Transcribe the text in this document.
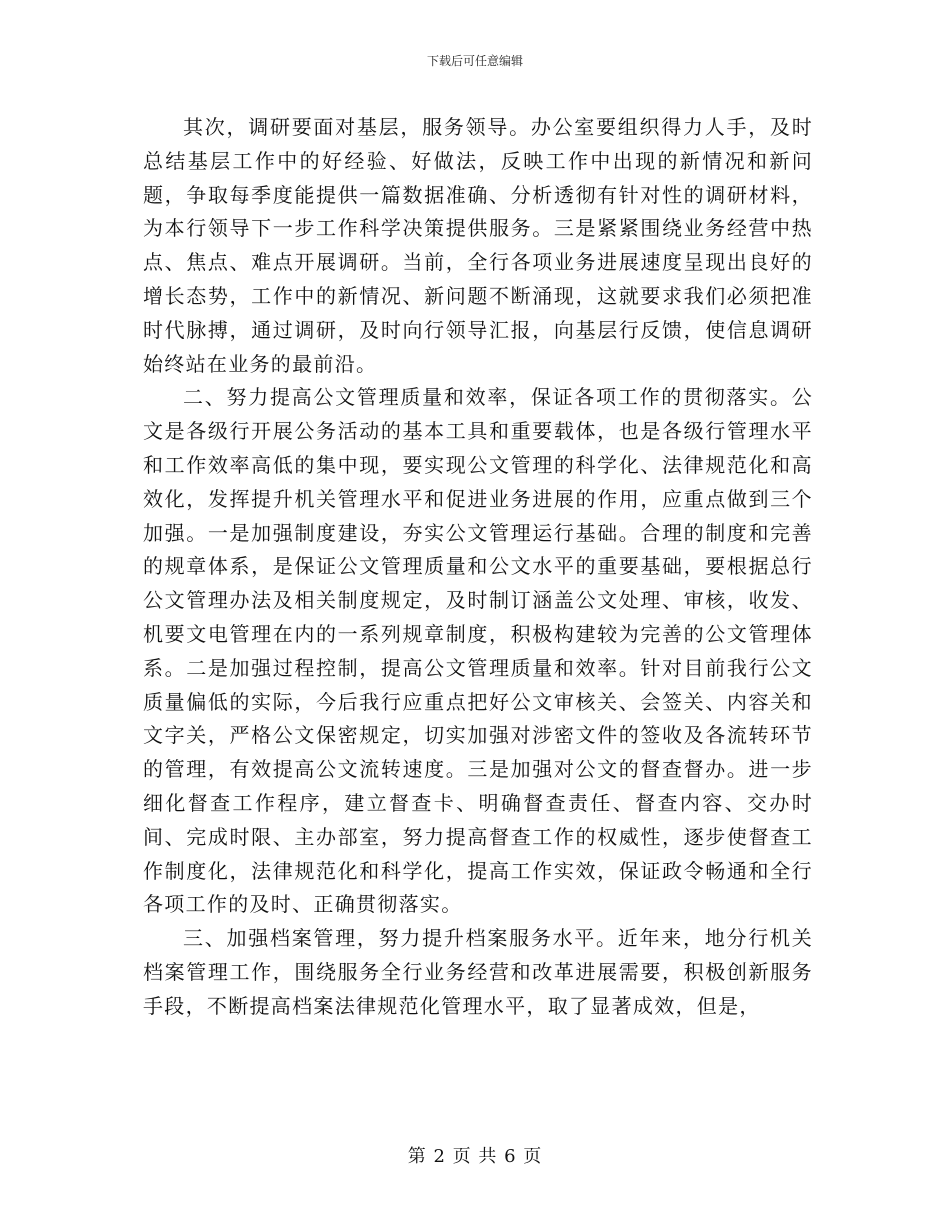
下载后可任意编辑

其次，调研要面对基层，服务领导。办公室要组织得力人手，及时总结基层工作中的好经验、好做法，反映工作中出现的新情况和新问题，争取每季度能提供一篇数据准确、分析透彻有针对性的调研材料，为本行领导下一步工作科学决策提供服务。三是紧紧围绕业务经营中热点、焦点、难点开展调研。当前，全行各项业务进展速度呈现出良好的增长态势，工作中的新情况、新问题不断涌现，这就要求我们必须把准时代脉搏，通过调研，及时向行领导汇报，向基层行反馈，使信息调研始终站在业务的最前沿。

二、努力提高公文管理质量和效率，保证各项工作的贯彻落实。公文是各级行开展公务活动的基本工具和重要载体，也是各级行管理水平和工作效率高低的集中现，要实现公文管理的科学化、法律规范化和高效化，发挥提升机关管理水平和促进业务进展的作用，应重点做到三个加强。一是加强制度建设，夯实公文管理运行基础。合理的制度和完善的规章体系，是保证公文管理质量和公文水平的重要基础，要根据总行公文管理办法及相关制度规定，及时制订涵盖公文处理、审核，收发、机要文电管理在内的一系列规章制度，积极构建较为完善的公文管理体系。二是加强过程控制，提高公文管理质量和效率。针对目前我行公文质量偏低的实际，今后我行应重点把好公文审核关、会签关、内容关和文字关，严格公文保密规定，切实加强对涉密文件的签收及各流转环节的管理，有效提高公文流转速度。三是加强对公文的督查督办。进一步细化督查工作程序，建立督查卡、明确督查责任、督查内容、交办时间、完成时限、主办部室，努力提高督查工作的权威性，逐步使督查工作制度化，法律规范化和科学化，提高工作实效，保证政令畅通和全行各项工作的及时、正确贯彻落实。

三、加强档案管理，努力提升档案服务水平。近年来，地分行机关档案管理工作，围绕服务全行业务经营和改革进展需要，积极创新服务手段，不断提高档案法律规范化管理水平，取了显著成效，但是，

第 2 页 共 6 页
